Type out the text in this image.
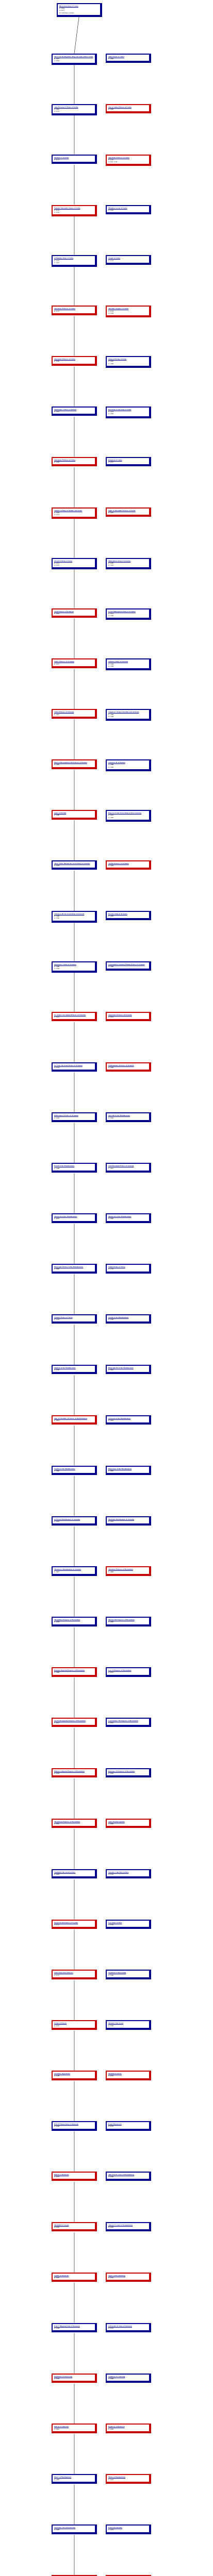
Bhotoshun King of Gisha
b. 1034
d. 1077
m. Chachak of Gisha
Moses III Rodrigenthi, King and Agha Prince Gisha
b. 1057
d. 1094
Sitka Prince of Gisha
b. 1060
John Personer I Prince of Gisha
b. 1081
d. 1133
Oge of Gisha Princess of Gisha
b. 1085
Matthew I of Gisha
b. 1112
Alexander Princess of Gisha
b. 1110
d. after 1150
Volodar Alexander Queen of Gisha
b. 1114
d. 1164
Matthias Cortez of Gisha
b. 1140
Achiekillos King of Gisha
b. 1147
d. 1201
Joseph of Gisha
b. 1170
Alexander Princess of Gisha
b. 1175
Tinatine Josephos of Gisha
b. 1178
d. 1239
Alexander Princess of Gisha
b. 1196
Simeon II King of Gisha
b. 1205
d. 1269
Shahanshe I Prince of Kisheti
b. 1201
David the Great King of Gisha
b. 1232
d. 1293
Alexander Princess of Gisha
b. 1230
Kingdom of Gisha
b. 1257
Tamara II King of Tachins and Gisha
b. 1262
d. 1314
Oglu of Alexander Princess of Gisha
b. 1263
Ouvdel II King of Gisha
b. 1274
d. 1335
Mikhailuten King of Armenia
b. 1283
d. 1345
Joshi Princess of Ezdistan
b. 1291
Levan Dikhaganon King of Armenia
b. 1313
d. 1362
Yakor Princess of Armenia
b. 1317
Antiokos King of Armenia
b. 1338
d. 1384
Sabia Princess of Armenia
b. 1341
Volgaren V King of Parthia and Armenia
b. 1360
d. 1408
Pilot of Phrasteuinen III Princess of Parthia
b. 1365
Chasmon II of Parthia
b. 1386
d. 1440
Anna of Parthia
b. 1390
Khosrov II the Victor King of West Armenia
b. 1410
d. 1465
Tinay Tabor Belsina the Great King of Armenia
b. 1436
Jachin Princess of Armenia
b. 1439
Chasmon III the Great King of Armenia
b. 1460
d. 1520
Kosmas King of Armenia
b. 1485
Anastasios I King of Armenia
b. 1488
d. 1549
Constantinos Sasanna Palatin Prince of Armenia
b. 1490
Sv. Stasis Cass Adean Princess of Armenia
b. 1512
Anastasios Princess of Armenia
b. 1515
Sv. Isaac the Great Prince of Armenia
b. 1535
Yachaninants Princess of Armenia
b. 1560
Dimianagos I Prince of Armenia
b. 1563
Sirovieli of the Mamikonians
b. 1585
Pereth of the Mamikonians
b. 1588
Vaid Khotakali Prince of Armenia
b. 1610
Mamyrah of the Mamikonians
b. 1635
Mamyrah of the Mamikonians
b. 1660
Hmayegh I Prince of the Mamikonians
b. 1685
Vahan Prince of Taron
b. 1710
Sprinter Prince of Taron
b. 1735
Oozoli of the Mamikonians
b. 1760
Stephan of the Mamikonians
b. 1785
Hmayagh III of the Mamikonians
b. 1810
Sige of Vlasidaiv I Princess of the Bohemian
b. 1812
Artavasd of the Mamikonians
b. 1835
Vardan of the Mamikonians
b. 1860
Hamazasp of the Mamikonians
b. 1885
Artavasd Mamikonian of Armenia
b. 1910
Mushegh Mamikonian of Armenia
b. 1935
Theodoros Mamikonian of Armenia
b. 1937
Theodora Empress of Byzantium
b. 1960
Theophilos Emperor of Byzantium
b. 1958
Michael III Emperor of Byzantium
b. 1985
Eudocia Ingerina Empress of Byzantium
b. 1986
Leo VI Emperor of Byzantium
b. 2010
Zoe Karbonopsina Empress of Byzantium
b. 2012
Constantine VII Emperor of Byzantium
b. 2035
Helena Lekapene Empress of Byzantium
b. 2036
Romanos II Emperor of Byzantium
b. 2060
Theophano Empress of Byzantium
b. 2061
Anna Porphyrogenita
b. 2085
Vladimir I the Great of Kiev
b. 2083
Yaroslav I the Wise of Kiev
b. 2110
Ingegerd Olofsdotter of Sweden
b. 2112
Vsevolod I of Kiev
b. 2135
Anna Polovtsian Princess
b. 2137
Vladimir II Monomakh
b. 2160
Gytha of Wessex
b. 2161
Mstislav I the Great
b. 2185
Christina Ingesdotter
b. 2186
Malmfred of Kiev
b. 2210
Eric II Emune King of Denmark
b. 2208
Knud Magnussen
b. 2235
Helena of Denmark
b. 2237
Albrecht II Count of Brandenburg
b. 2260
Mechtild of Lusatia
b. 2262
Johann I Count of Brandenburg
b. 2285
Sophia of Denmark
b. 2287
Agnes of Brandenburg
b. 2310
Erik V Klipping King of Denmark
b. 2308
Christoffer II King of Denmark
b. 2335
Euphemia of Pomerania
b. 2336
Valdemar IV Atterdag
b. 2360
Helvig of Schleswig
b. 2361
Ingeborg of Denmark
b. 2385
Henry of Mecklenburg
b. 2383
Maria of Mecklenburg
b. 2410
Wartislaw VII of Pomerania
b. 2408
Erik of Pomerania
b. 2435
